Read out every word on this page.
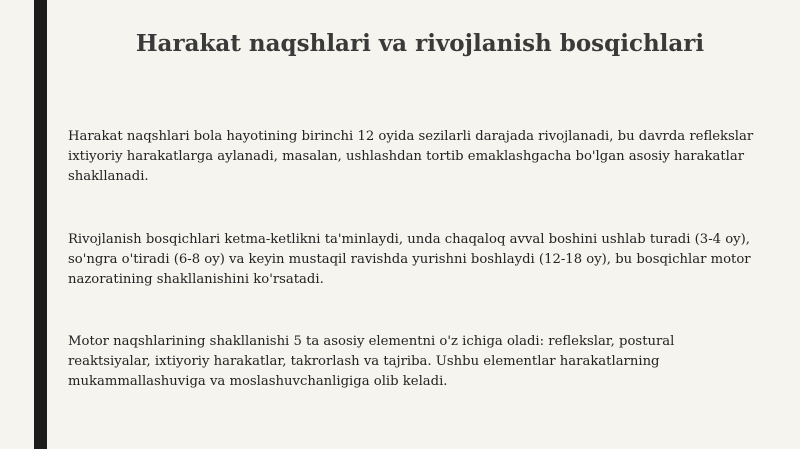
Harakat naqshlari va rivojlanish bosqichlari

Harakat naqshlari bola hayotining birinchi 12 oyida sezilarli darajada rivojlanadi, bu davrda reflekslar ixtiyoriy harakatlarga aylanadi, masalan, ushlashdan tortib emaklashgacha bo'lgan asosiy harakatlar shakllanadi.

Rivojlanish bosqichlari ketma-ketlikni ta'minlaydi, unda chaqaloq avval boshini ushlab turadi (3-4 oy), so'ngra o'tiradi (6-8 oy) va keyin mustaqil ravishda yurishni boshlaydi (12-18 oy), bu bosqichlar motor nazoratining shakllanishini ko'rsatadi.

Motor naqshlarining shakllanishi 5 ta asosiy elementni o'z ichiga oladi: reflekslar, postural reaktsiyalar, ixtiyoriy harakatlar, takrorlash va tajriba. Ushbu elementlar harakatlarning mukammallashuviga va moslashuvchanligiga olib keladi.
